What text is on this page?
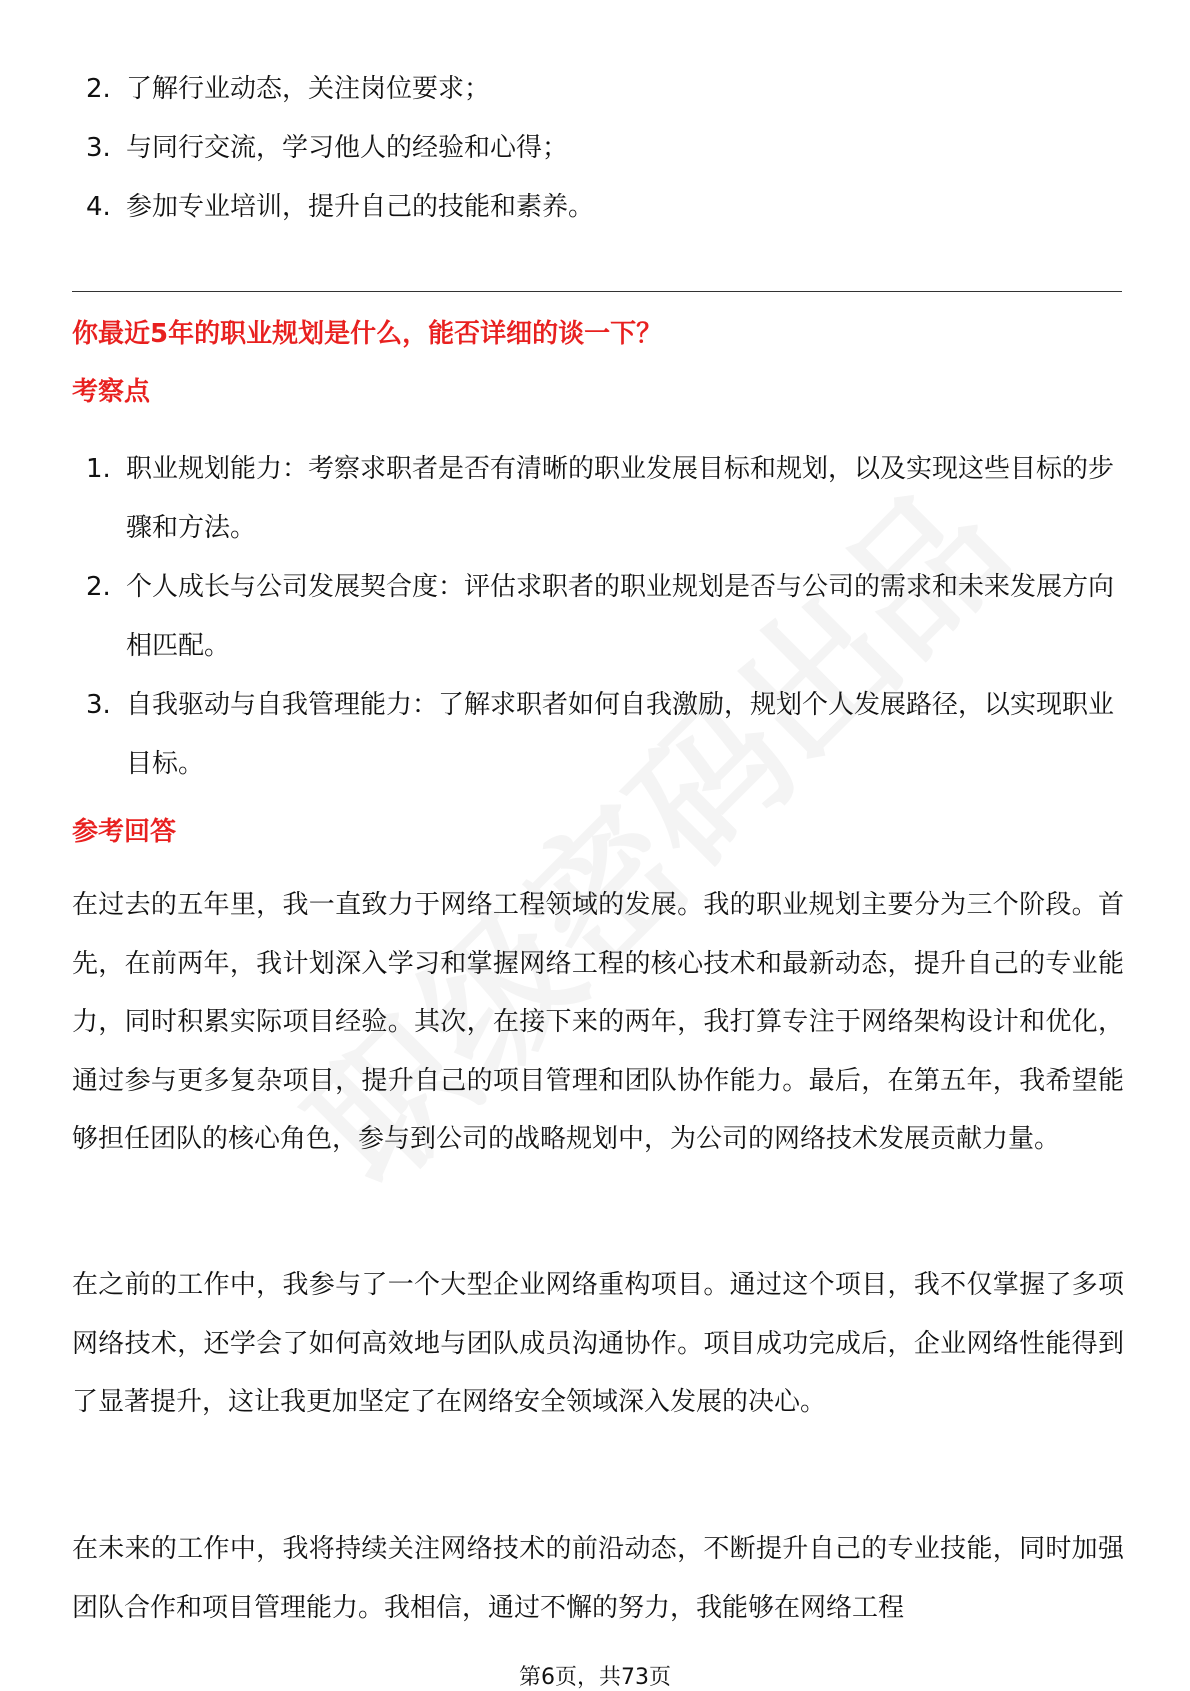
2. 了解行业动态，关注岗位要求；
3. 与同行交流，学习他人的经验和心得；
4. 参加专业培训，提升自己的技能和素养。
你最近5年的职业规划是什么，能否详细的谈一下？
考察点
1. 职业规划能力：考察求职者是否有清晰的职业发展目标和规划，以及实现这些目标的步骤和方法。
2. 个人成长与公司发展契合度：评估求职者的职业规划是否与公司的需求和未来发展方向相匹配。
3. 自我驱动与自我管理能力：了解求职者如何自我激励，规划个人发展路径，以实现职业目标。
参考回答

在过去的五年里，我一直致力于网络工程领域的发展。我的职业规划主要分为三个阶段。首先，在前两年，我计划深入学习和掌握网络工程的核心技术和最新动态，提升自己的专业能力，同时积累实际项目经验。其次，在接下来的两年，我打算专注于网络架构设计和优化，通过参与更多复杂项目，提升自己的项目管理和团队协作能力。最后，在第五年，我希望能够担任团队的核心角色，参与到公司的战略规划中，为公司的网络技术发展贡献力量。

在之前的工作中，我参与了一个大型企业网络重构项目。通过这个项目，我不仅掌握了多项网络技术，还学会了如何高效地与团队成员沟通协作。项目成功完成后，企业网络性能得到了显著提升，这让我更加坚定了在网络安全领域深入发展的决心。

在未来的工作中，我将持续关注网络技术的前沿动态，不断提升自己的专业技能，同时加强团队合作和项目管理能力。我相信，通过不懈的努力，我能够在网络工程

第6页，共73页
